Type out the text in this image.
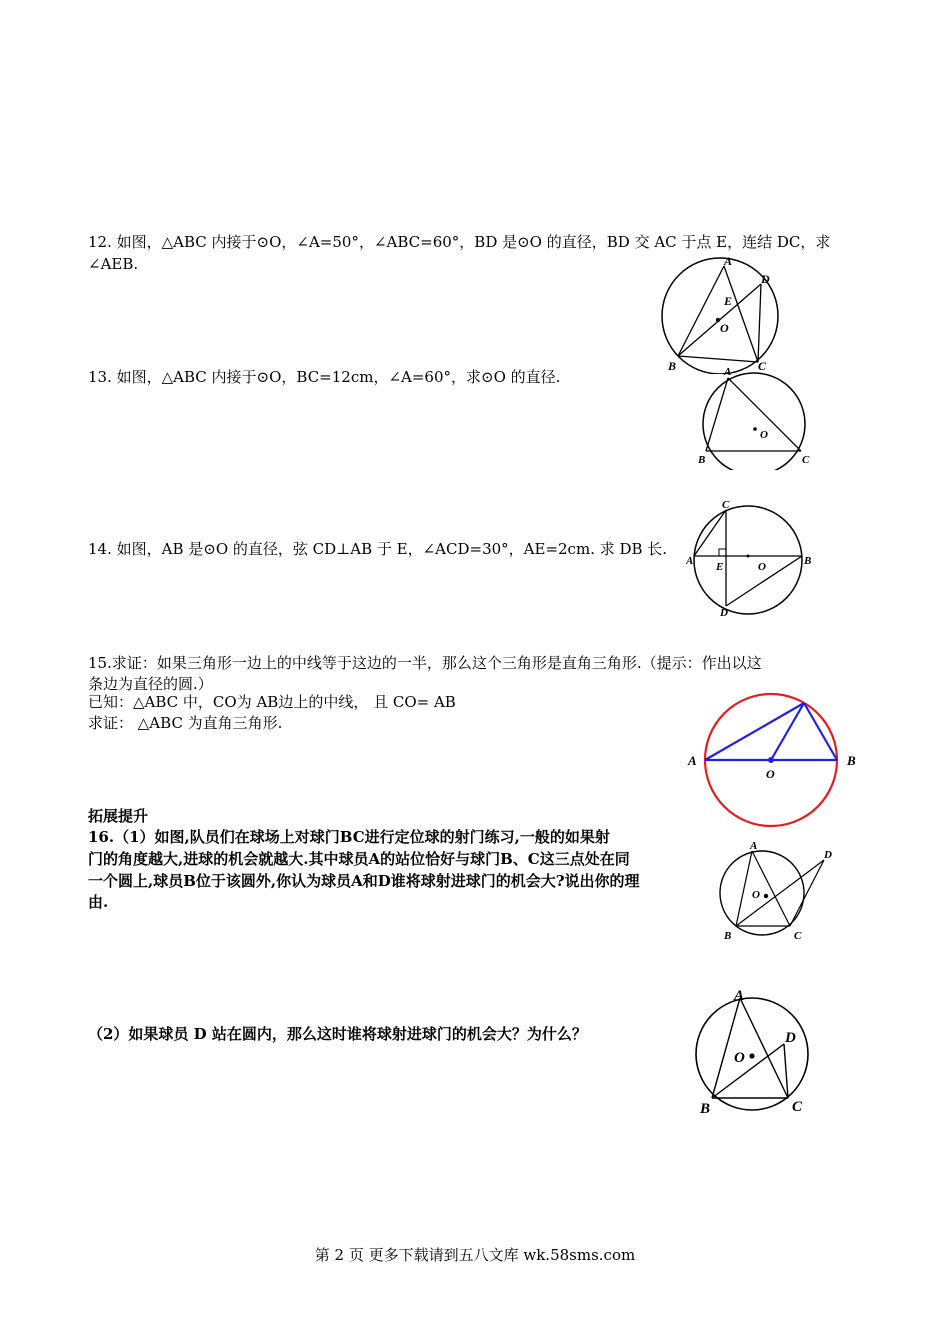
12. 如图，△ABC 内接于⊙O，∠A=50°，∠ABC=60°，BD 是⊙O 的直径，BD 交 AC 于点 E，连结 DC，求
∠AEB.	A
D
E
O
B	C
13. 如图，△ABC 内接于⊙O，BC=12cm，∠A=60°，求⊙O 的直径.	A
O
B	C
14. 如图，AB 是⊙O 的直径，弦 CD⊥AB 于 E，∠ACD=30°，AE=2cm. 求 DB 长.
C
A E	O	B
D
15.求证：如果三角形一边上的中线等于这边的一半，那么这个三角形是直角三角形.（提示：作出以这
条边为直径的圆.）
已知：△ABC 中，CO为 AB边上的中线， 且 CO= AB
求证： △ABC 为直角三角形.
A
O
B
拓展提升
16.（1）如图,队员们在球场上对球门BC进行定位球的射门练习,一般的如果射
门的角度越大,进球的机会就越大.其中球员A的站位恰好与球门B、C这三点处在同
一个圆上,球员B位于该圆外,你认为球员A和D谁将球射进球门的机会大?说出你的理
由.
A
D
O
B	C
（2）如果球员 D 站在圆内，那么这时谁将球射进球门的机会大？为什么？
A
D
O
B	C
第 2 页 更多下载请到五八文库 wk.58sms.com
